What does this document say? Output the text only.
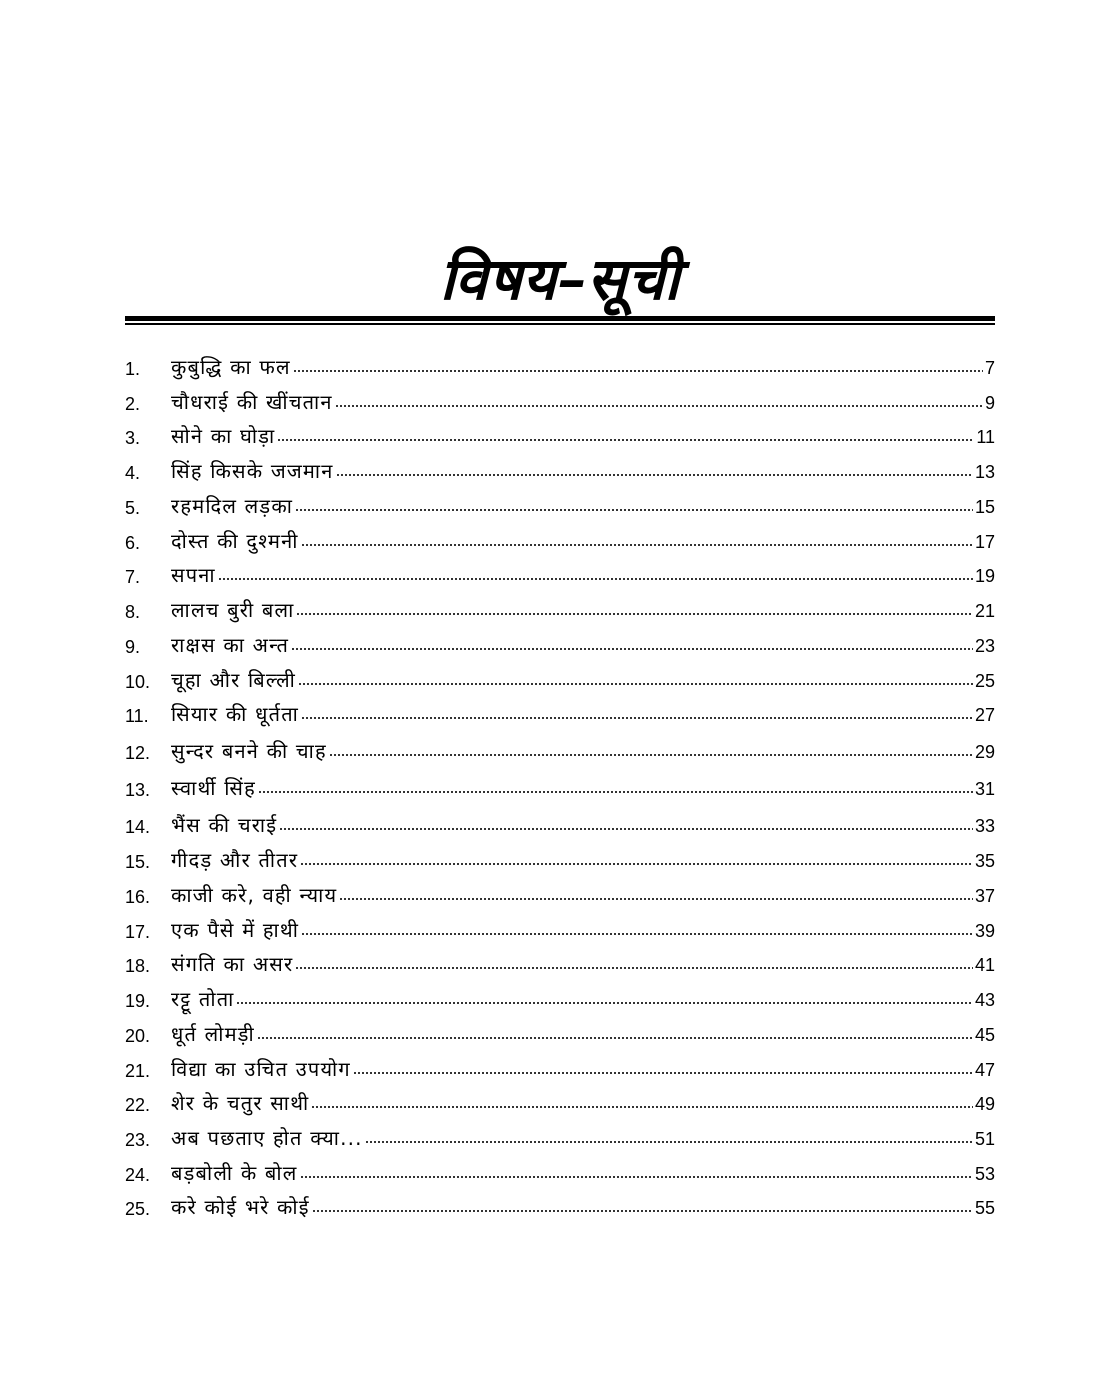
विषय–सूची
1.	कुबुद्धि का फल	7
2.	चौधराई की खींचतान	9
3.	सोने का घोड़ा	11
4.	सिंह किसके जजमान	13
5.	रहमदिल लड़का	15
6.	दोस्त की दुश्मनी	17
7.	सपना	19
8.	लालच बुरी बला	21
9.	राक्षस का अन्त	23
10.	चूहा और बिल्ली	25
11.	सियार की धूर्तता	27
12.	सुन्दर बनने की चाह	29
13.	स्वार्थी सिंह	31
14.	भैंस की चराई	33
15.	गीदड़ और तीतर	35
16.	काजी करे, वही न्याय	37
17.	एक पैसे में हाथी	39
18.	संगति का असर	41
19.	रट्टू तोता	43
20.	धूर्त लोमड़ी	45
21.	विद्या का उचित उपयोग	47
22.	शेर के चतुर साथी	49
23.	अब पछताए होत क्या...	51
24.	बड़बोली के बोल	53
25.	करे कोई भरे कोई	55
